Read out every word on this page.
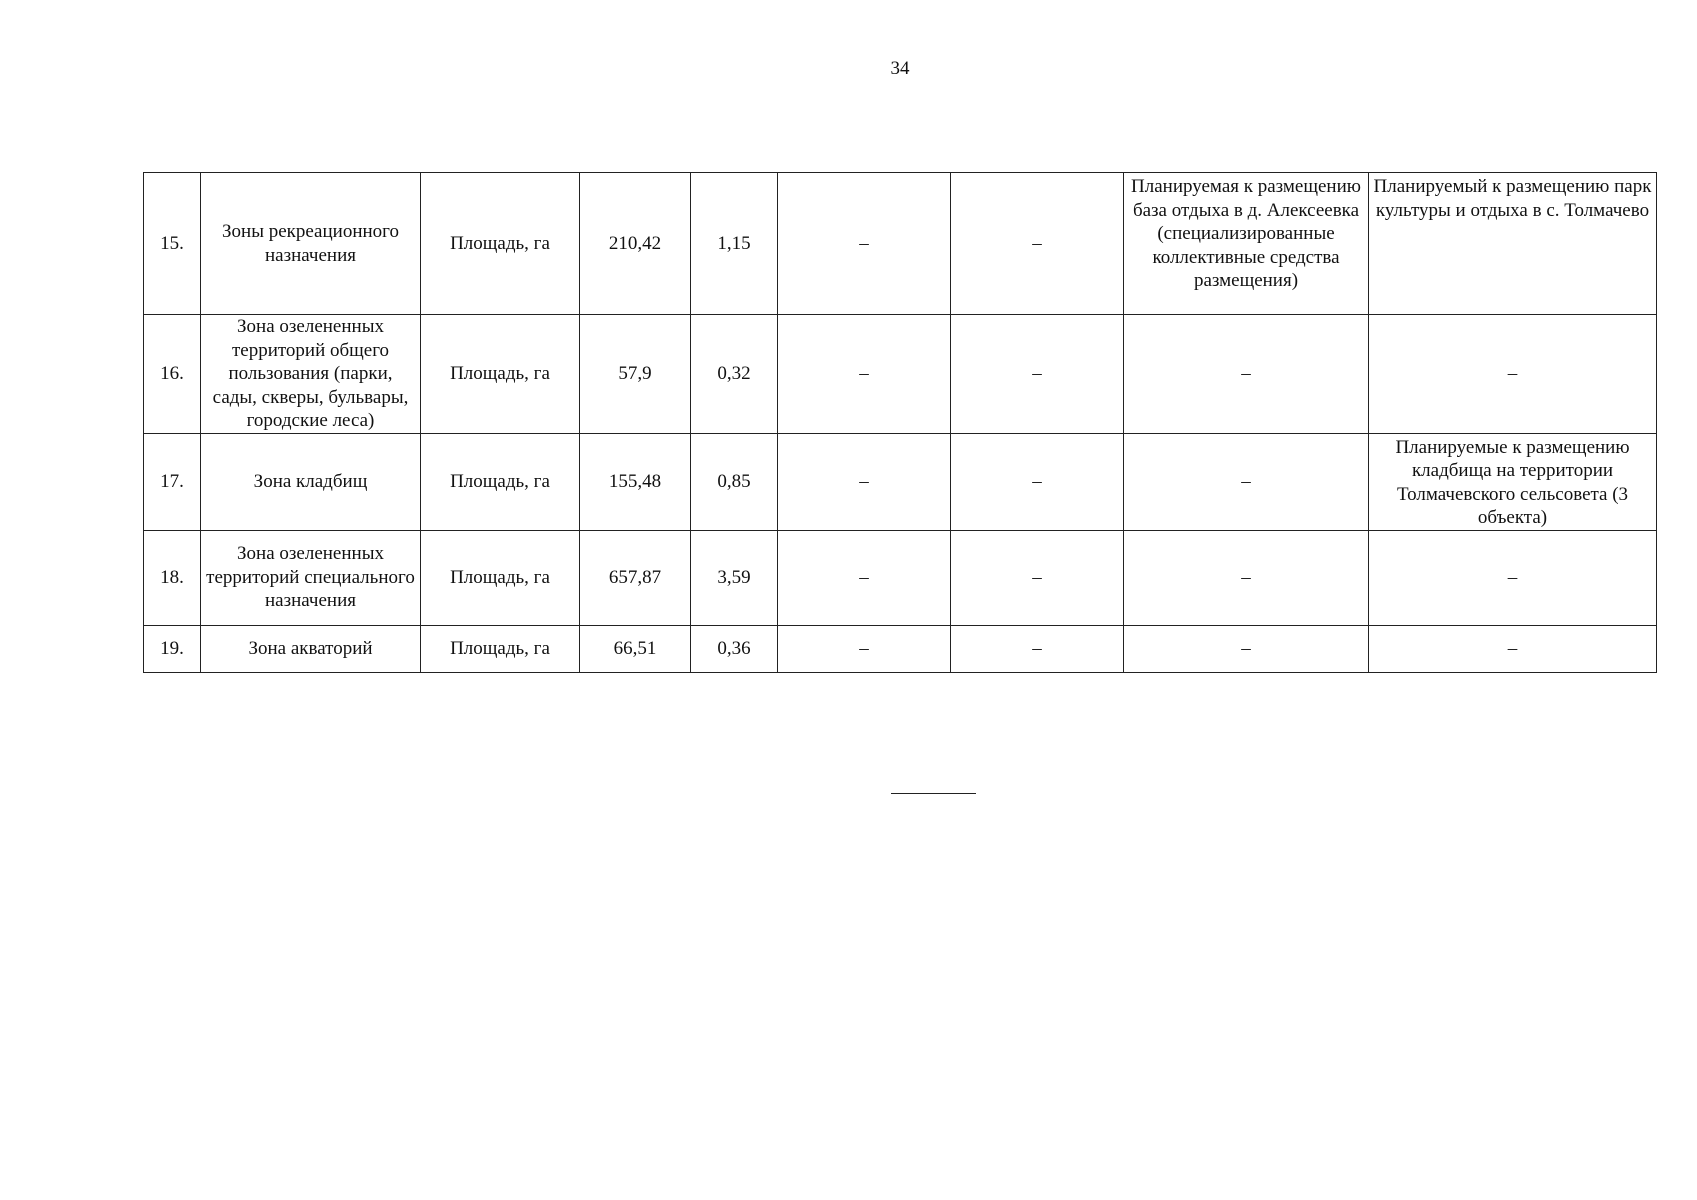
34
15.	Зоны рекреационного назначения	Площадь, га	210,42	1,15	–	–	Планируемая к размещению база отдыха в д. Алексеевка (специализированные коллективные средства размещения)	Планируемый к размещению парк культуры и отдыха в с. Толмачево
16.	Зона озелененных территорий общего пользования (парки, сады, скверы, бульвары, городские леса)	Площадь, га	57,9	0,32	–	–	–	–
17.	Зона кладбищ	Площадь, га	155,48	0,85	–	–	–	Планируемые к размещению кладбища на территории Толмачевского сельсовета (3 объекта)
18.	Зона озелененных территорий специального назначения	Площадь, га	657,87	3,59	–	–	–	–
19.	Зона акваторий	Площадь, га	66,51	0,36	–	–	–	–
